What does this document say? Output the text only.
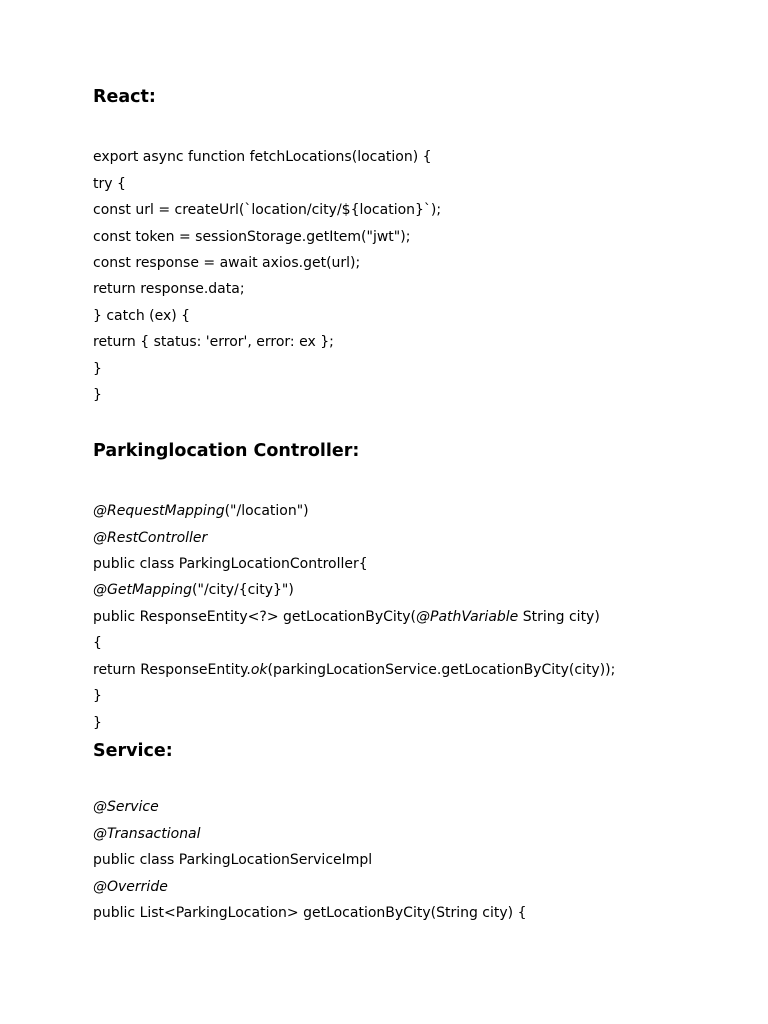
React:
export async function fetchLocations(location) {
try {
const url = createUrl(`location/city/${location}`);
const token = sessionStorage.getItem("jwt");
const response = await axios.get(url);
return response.data;
} catch (ex) {
return { status: 'error', error: ex };
}
}
Parkinglocation Controller:
@RequestMapping("/location")
@RestController
public class ParkingLocationController{
@GetMapping("/city/{city}")
public ResponseEntity<?> getLocationByCity(@PathVariable String city)
{
return ResponseEntity.ok(parkingLocationService.getLocationByCity(city));
}
}
Service:
@Service
@Transactional
public class ParkingLocationServiceImpl
@Override
public List<ParkingLocation> getLocationByCity(String city) {
